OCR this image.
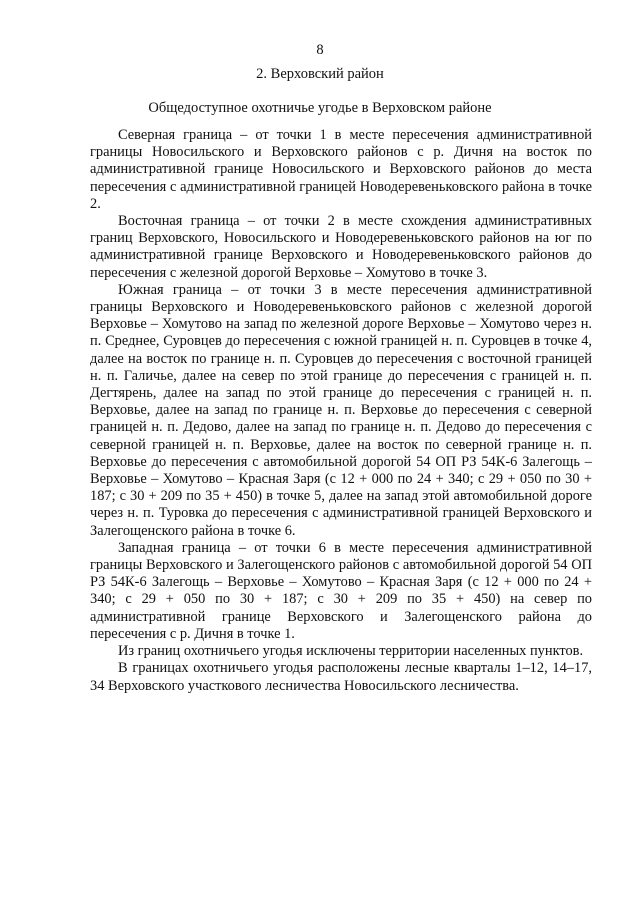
8
2. Верховский район
Общедоступное охотничье угодье в Верховском районе

Северная граница – от точки 1 в месте пересечения административной границы Новосильского и Верховского районов с р. Дичня на восток по административной границе Новосильского и Верховского районов до места пересечения с административной границей Новодеревеньковского района в точке 2.

Восточная граница – от точки 2 в месте схождения административных границ Верховского, Новосильского и Новодеревеньковского районов на юг по административной границе Верховского и Новодеревеньковского районов до пересечения с железной дорогой Верховье – Хомутово в точке 3.

Южная граница – от точки 3 в месте пересечения административной границы Верховского и Новодеревеньковского районов с железной дорогой Верховье – Хомутово на запад по железной дороге Верховье – Хомутово через н. п. Среднее, Суровцев до пересечения с южной границей н. п. Суровцев в точке 4, далее на восток по границе н. п. Суровцев до пересечения с восточной границей н. п. Галичье, далее на север по этой границе до пересечения с границей н. п. Дегтярень, далее на запад по этой границе до пересечения с границей н. п. Верховье, далее на запад по границе н. п. Верховье до пересечения с северной границей н. п. Дедово, далее на запад по границе н. п. Дедово до пересечения с северной границей н. п. Верховье, далее на восток по северной границе н. п. Верховье до пересечения с автомобильной дорогой 54 ОП РЗ 54К-6 Залегощь – Верховье – Хомутово – Красная Заря (с 12 + 000 по 24 + 340; с 29 + 050 по 30 + 187; с 30 + 209 по 35 + 450) в точке 5, далее на запад этой автомобильной дороге через н. п. Туровка до пересечения с административной границей Верховского и Залегощенского района в точке 6.

Западная граница – от точки 6 в месте пересечения административной границы Верховского и Залегощенского районов с автомобильной дорогой 54 ОП РЗ 54К-6 Залегощь – Верховье – Хомутово – Красная Заря (с 12 + 000 по 24 + 340; с 29 + 050 по 30 + 187; с 30 + 209 по 35 + 450) на север по административной границе Верховского и Залегощенского района до пересечения с р. Дичня в точке 1.

Из границ охотничьего угодья исключены территории населенных пунктов.

В границах охотничьего угодья расположены лесные кварталы 1–12, 14–17, 34 Верховского участкового лесничества Новосильского лесничества.
